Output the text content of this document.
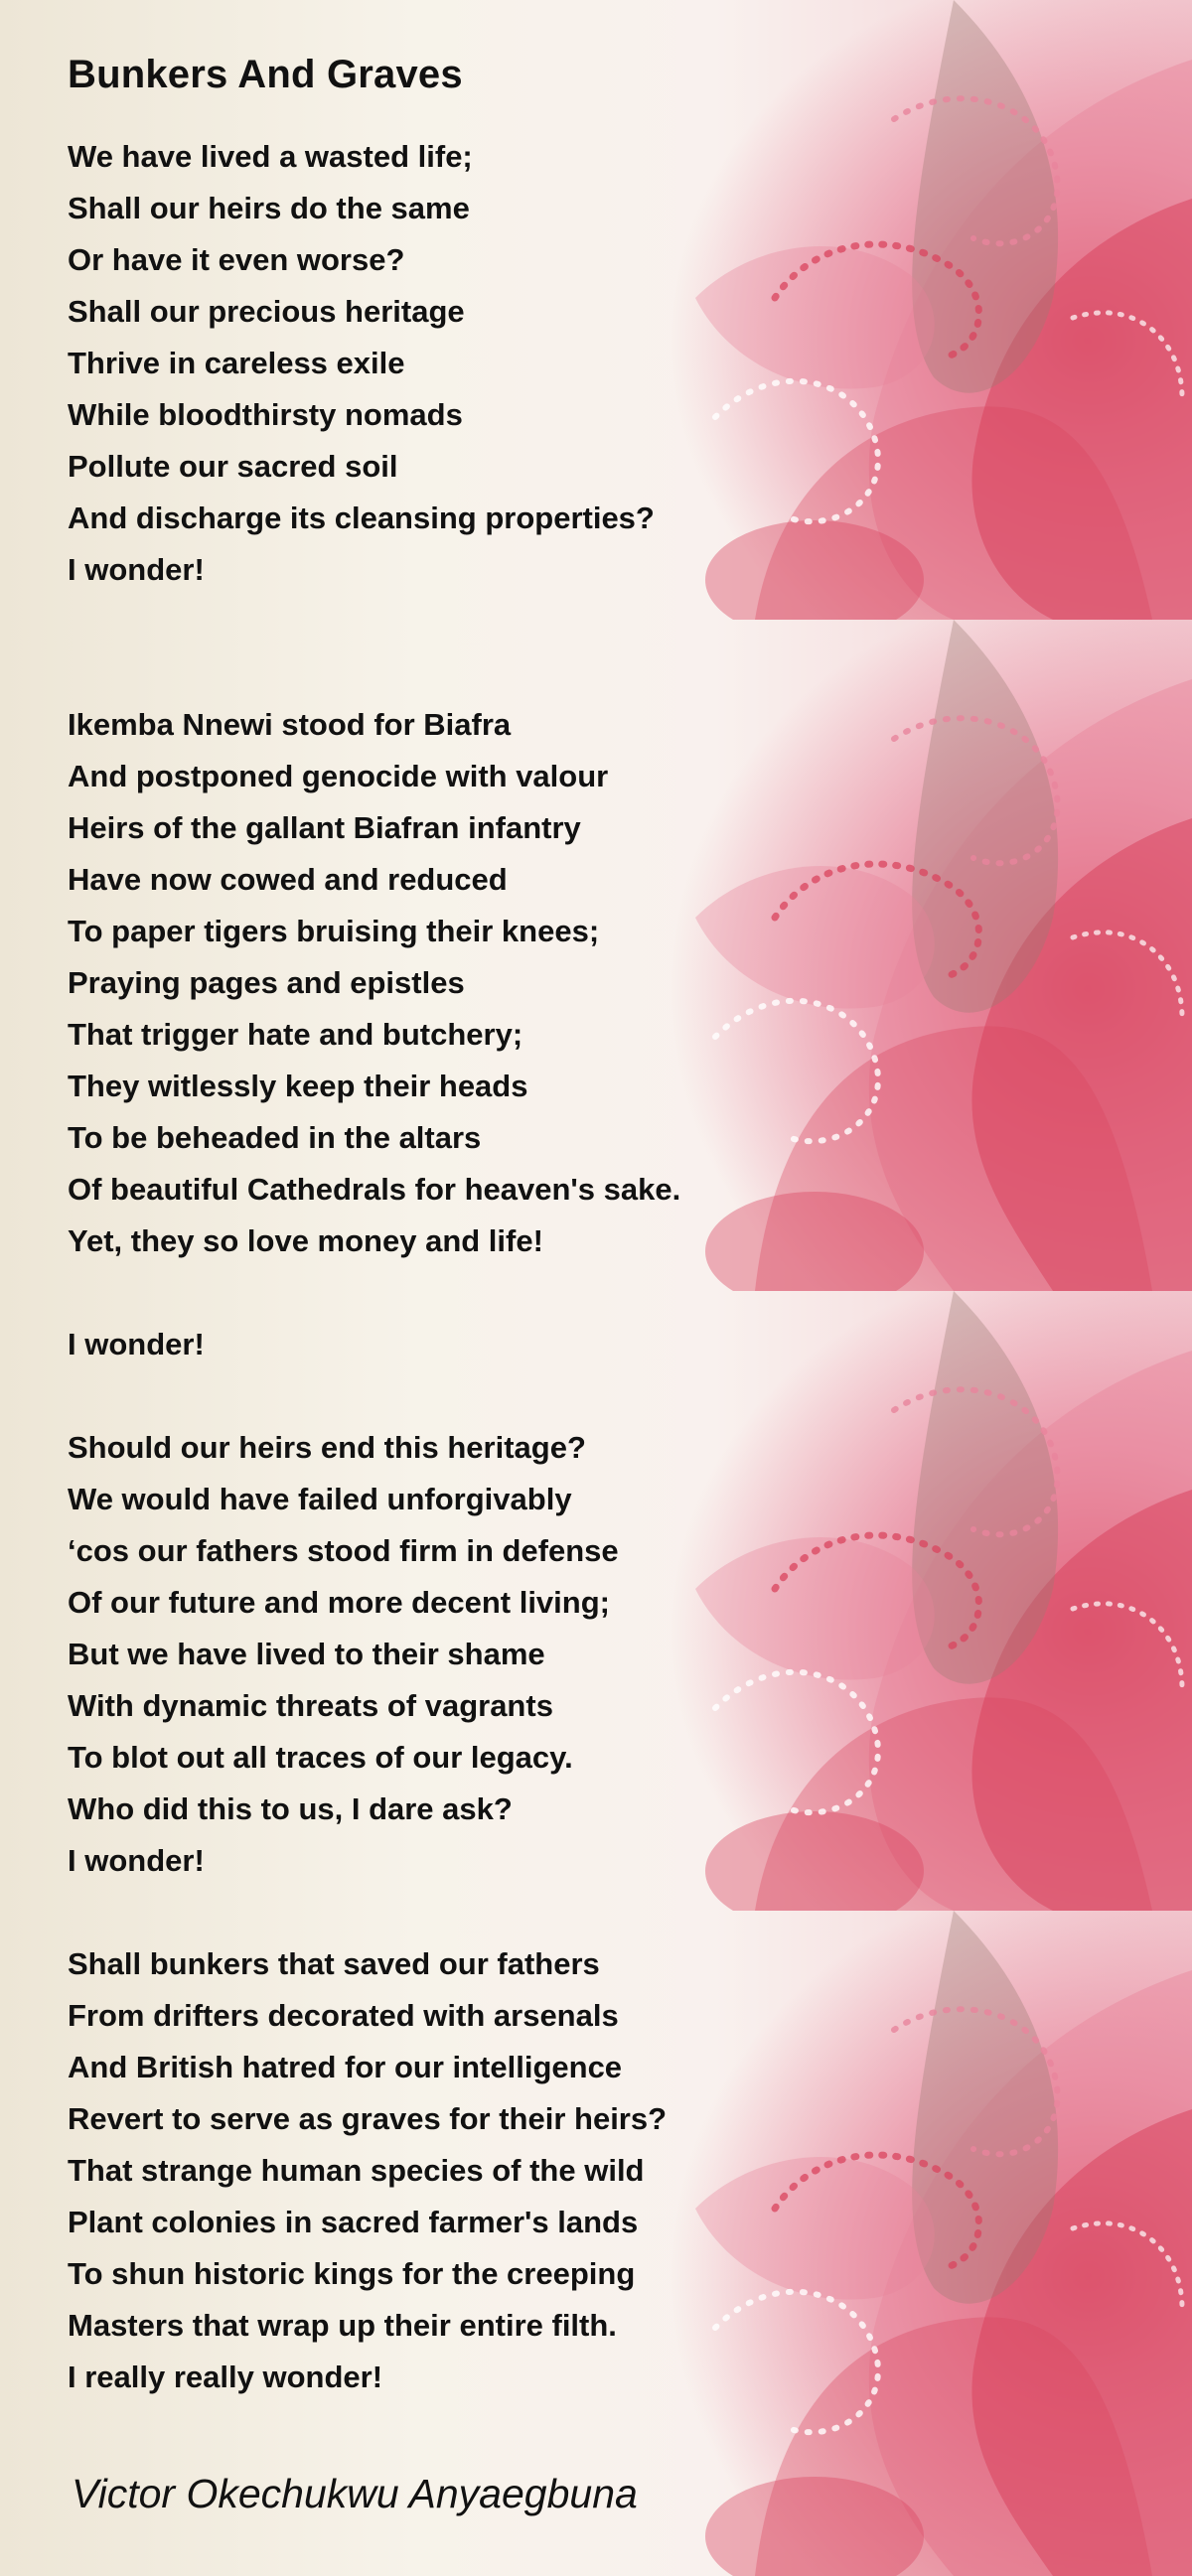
Bunkers And Graves
We have lived a wasted life;
Shall our heirs do the same
Or have it even worse?
Shall our precious heritage
Thrive in careless exile
While bloodthirsty nomads
Pollute our sacred soil
And discharge its cleansing properties?
I wonder!
Ikemba Nnewi stood for Biafra
And postponed genocide with valour
Heirs of the gallant Biafran infantry
Have now cowed and reduced
To paper tigers bruising their knees;
Praying pages and epistles
That trigger hate and butchery;
They witlessly keep their heads
To be beheaded in the altars
Of beautiful Cathedrals for heaven's sake.
Yet, they so love money and life!
I wonder!
Should our heirs end this heritage?
We would have failed unforgivably
‘cos our fathers stood firm in defense
Of our future and more decent living;
But we have lived to their shame
With dynamic threats of vagrants
To blot out all traces of our legacy.
Who did this to us, I dare ask?
I wonder!
Shall bunkers that saved our fathers
From drifters decorated with arsenals
And British hatred for our intelligence
Revert to serve as graves for their heirs?
That strange human species of the wild
Plant colonies in sacred farmer's lands
To shun historic kings for the creeping
Masters that wrap up their entire filth.
I really really wonder!
Victor Okechukwu Anyaegbuna
